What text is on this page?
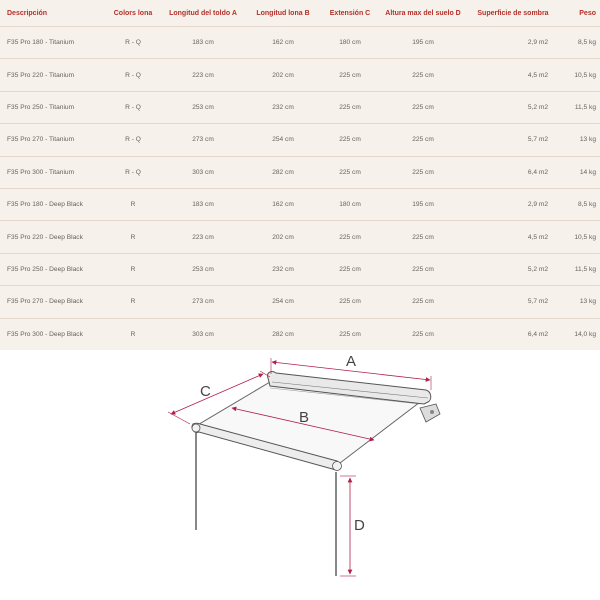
Descripción	Colors lona	Longitud del toldo A	Longitud lona B	Extensión C	Altura max del suelo D	Superficie de sombra	Peso
F35 Pro 180 - Titanium	R - Q	183 cm	162 cm	180 cm	195 cm	2,9 m2	8,5 kg
F35 Pro 220 - Titanium	R - Q	223 cm	202 cm	225 cm	225 cm	4,5 m2	10,5 kg
F35 Pro 250 - Titanium	R - Q	253 cm	232 cm	225 cm	225 cm	5,2 m2	11,5 kg
F35 Pro 270 - Titanium	R - Q	273 cm	254 cm	225 cm	225 cm	5,7 m2	13 kg
F35 Pro 300 - Titanium	R - Q	303 cm	282 cm	225 cm	225 cm	6,4 m2	14 kg
F35 Pro 180 - Deep Black	R	183 cm	162 cm	180 cm	195 cm	2,9 m2	8,5 kg
F35 Pro 220 - Deep Black	R	223 cm	202 cm	225 cm	225 cm	4,5 m2	10,5 kg
F35 Pro 250 - Deep Black	R	253 cm	232 cm	225 cm	225 cm	5,2 m2	11,5 kg
F35 Pro 270 - Deep Black	R	273 cm	254 cm	225 cm	225 cm	5,7 m2	13 kg
F35 Pro 300 - Deep Black	R	303 cm	282 cm	225 cm	225 cm	6,4 m2	14,0 kg
A
B
C
D
